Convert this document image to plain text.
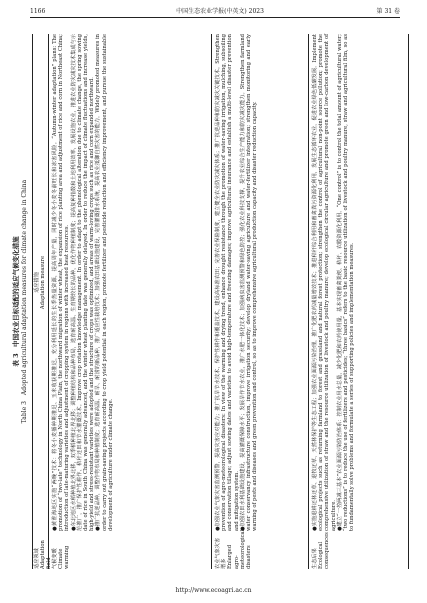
1166	中国生态农业学报(中英文) 2023	第 31 卷
表 3　中国农业目标适配的适应气候变化措施 Table 3　Adopted agricultural adaptation measures for climate change in China
适应领域 Adaptation field
适应措施 Adaptation measure
气候变暖 Climate warming

●黄淮海地区实施“两晚”技术：将冬小麦播种期推迟、玉米收获期推迟，充分利用延长的生长季热量资源，提高周年产量，同时减少冬小麦冬前旺长和冻害风险。“Autumn-winter adaptation” plans: The promotion of “two-late” technology in North China Plain, the northward migration of winter wheat, the expansion of rice planting area and adjustment of rice and corn in Northeast China; introduction of late-maturing varieties and adjustment of cropping system in regions with increased heat resources. ●东北地区水稻种植北界北移，双季稻种植北界北移；调整种植结构和品种布局，选育耐高温、生育期较长的品种，优化作物种植制度；提高复种指数和土地利用效率，发展设施农业，推进农业防灾减灾技术集成与示范推广，推广保护性耕作、秸秆还田和节水灌溉技术。Improve crop rotation knowledge management. In order to adapt to the phenological alteration due to climate change, the spring sowing date of rice in South China was generally advanced, and the winter wheat planting date was generally delayed. In order to reduce the impact of climate fluctuations and increase yields, high-yield and stress-resistant varieties were adopted and the structure of crops was optimized, and areas of warm-loving crops such as rice and corn expanded northward. ●推广抗逆品种，调整作物布局和种植制度；选育耐高温、耐旱、耐涝的新品种，推广适应性栽培技术；加强农田基础设施建设，完善灌溉排水系统，提高农业抵御自然灾害的能力。Widely promoted measures in order to carry out grain-saving projects according to crop yield potential in each region, promote fertilizer and pesticide reduction and efficiency improvement, and pursue the sustainable development of agriculture under climate change.

农业气象灾害增多 Enlarged agro-meteorological disasters

●加强农业气象灾害监测预警，提高灾害应对能力；推广抗旱节水技术、保护性耕作和覆盖技术，建设高标准农田；完善农业保险制度，建立健全农业防灾减灾体系；推广抗逆品种和防灾减灾关键技术。Strengthen prevention of agro-meteorological disasters: In view of the warming and drying trend, enhance drought resistance through the promotion of water-saving irrigation, mulching, subsoiling and conservation tillage; adjust sowing dates and varieties to avoid high-temperature and freezing damages; improve agricultural insurance and establish a multi-level disaster prevention and mitigation system. ●加强农田水利基础设施建设，提高灌溉保障水平；发展旱作节水农业，推广水肥一体化技术；加强病虫害监测预警和绿色防控；强化农业科技支撑，提升农业综合生产能力和防灾减灾能力。Strengthen farmland water conservancy infrastructure construction, improve irrigation security; develop dryland water-saving agriculture and water-fertilizer integration; strengthen monitoring and early warning of pests and diseases and green prevention and control, so as to improve comprehensive agricultural production capacity and disaster reduction capacity.

生态后果 Ecological consequences

●实施退耕还林还草、退牧还草、天然林保护等生态工程；加强农业面源污染治理，推广化肥农药减量增效技术；推进秸秆综合利用和畜禽粪污资源化利用，发展生态循环农业，促进农业绿色低碳发展。Implement ecological projects such as returning farmland to forest and grassland and natural forest protection; strengthen the control of agricultural non-point source pollution; promote the comprehensive utilization of straw and the resource utilization of livestock and poultry manure; develop ecological circular agriculture and promote green and low-carbon development of agriculture. ●建立“一控两减三基本”农业面源污染防治体系：控制农业用水总量，减少化肥和农药使用量，基本实现畜禽粪便、秸秆、农膜资源化利用。“One control” is to control the total amount of agricultural water; “two reductions” is to reduce the use of fertilizers and pesticides; “three basics” refers to the basic resource utilization of livestock and poultry manure, straw and agricultural film, so as to fundamentally solve problems and formulate a series of supporting policies and implementation measures.

http://www.ecoagri.ac.cn
